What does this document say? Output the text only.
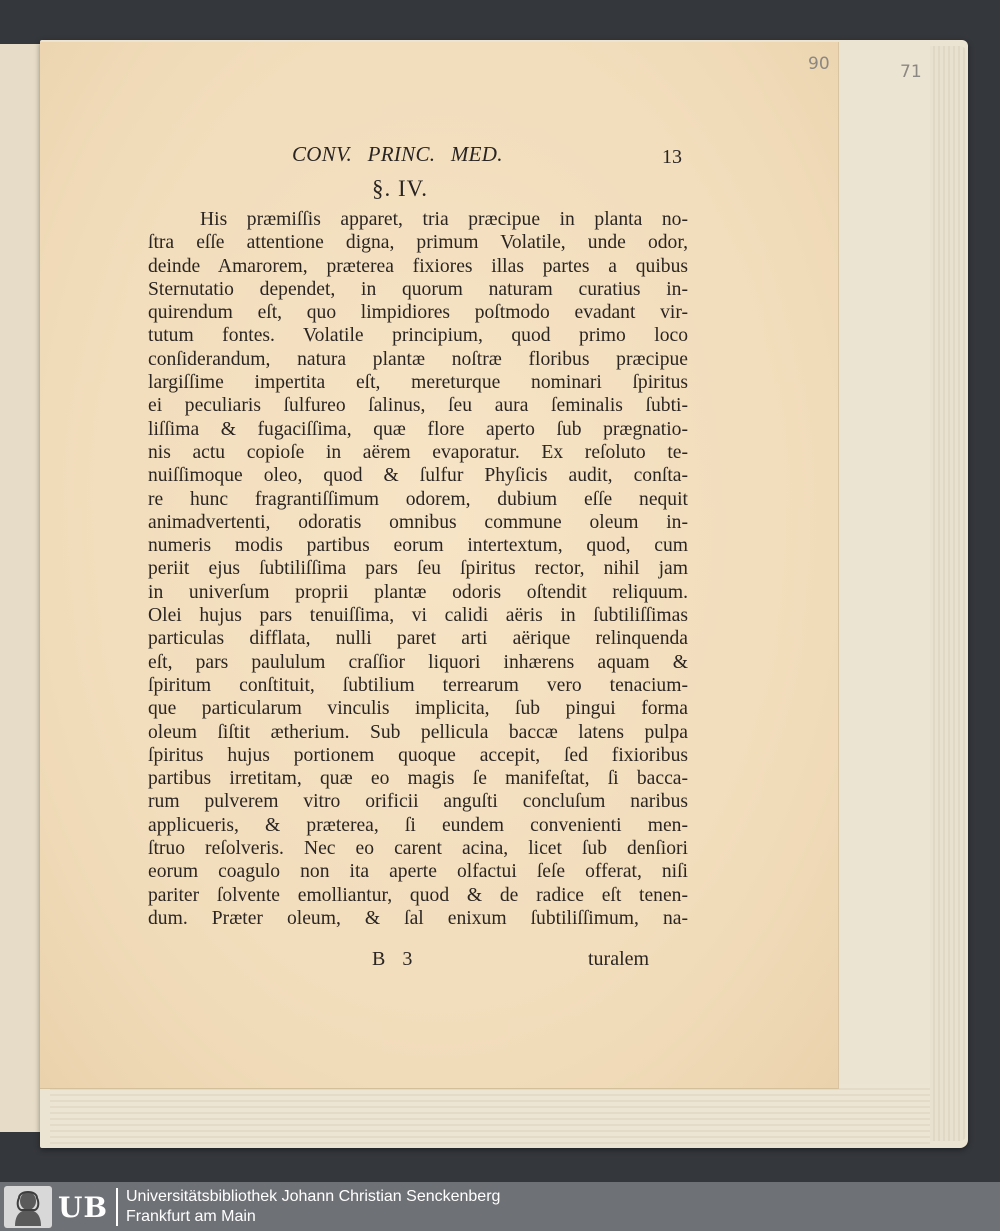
90	71
CONV. PRINC. MED.	13
§. IV.
His præmiſſis apparet, tria præcipue in planta no-
ſtra eſſe attentione digna, primum Volatile, unde odor,
deinde Amarorem, præterea fixiores illas partes a quibus
Sternutatio dependet, in quorum naturam curatius in-
quirendum eſt, quo limpidiores poſtmodo evadant vir-
tutum fontes. Volatile principium, quod primo loco
conſiderandum, natura plantæ noſtræ floribus præcipue
largiſſime impertita eſt, mereturque nominari ſpiritus
ei peculiaris ſulfureo ſalinus, ſeu aura ſeminalis ſubti-
liſſima & fugaciſſima, quæ flore aperto ſub prægnatio-
nis actu copioſe in aërem evaporatur. Ex reſoluto te-
nuiſſimoque oleo, quod & ſulfur Phyſicis audit, conſta-
re hunc fragrantiſſimum odorem, dubium eſſe nequit
animadvertenti, odoratis omnibus commune oleum in-
numeris modis partibus eorum intertextum, quod, cum
periit ejus ſubtiliſſima pars ſeu ſpiritus rector, nihil jam
in univerſum proprii plantæ odoris oſtendit reliquum.
Olei hujus pars tenuiſſima, vi calidi aëris in ſubtiliſſimas
particulas difflata, nulli paret arti aërique relinquenda
eſt, pars paululum craſſior liquori inhærens aquam &
ſpiritum conſtituit, ſubtilium terrearum vero tenacium-
que particularum vinculis implicita, ſub pingui forma
oleum ſiſtit ætherium. Sub pellicula baccæ latens pulpa
ſpiritus hujus portionem quoque accepit, ſed fixioribus
partibus irretitam, quæ eo magis ſe manifeſtat, ſi bacca-
rum pulverem vitro orificii anguſti concluſum naribus
applicueris, & præterea, ſi eundem convenienti men-
ſtruo reſolveris. Nec eo carent acina, licet ſub denſiori
eorum coagulo non ita aperte olfactui ſeſe offerat, niſi
pariter ſolvente emolliantur, quod & de radice eſt tenen-
dum. Præter oleum, & ſal enixum ſubtiliſſimum, na-
B 3	turalem
UB Universitätsbibliothek Johann Christian Senckenberg
Frankfurt am Main
